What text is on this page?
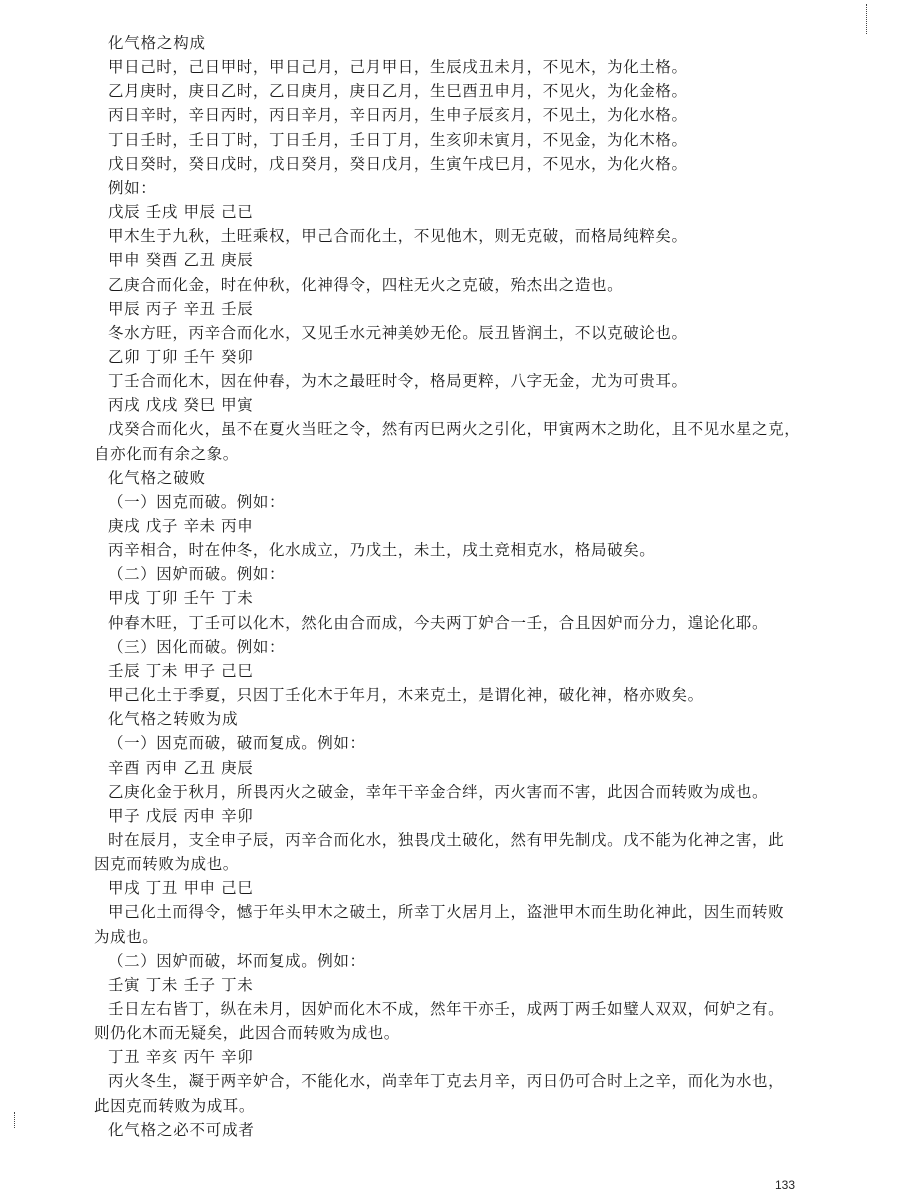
化气格之构成
甲日己时，己日甲时，甲日己月，己月甲日，生辰戌丑未月，不见木，为化土格。
乙月庚时，庚日乙时，乙日庚月，庚日乙月，生巳酉丑申月，不见火，为化金格。
丙日辛时，辛日丙时，丙日辛月，辛日丙月，生申子辰亥月，不见土，为化水格。
丁日壬时，壬日丁时，丁日壬月，壬日丁月，生亥卯未寅月，不见金，为化木格。
戊日癸时，癸日戊时，戊日癸月，癸日戊月，生寅午戌巳月，不见水，为化火格。
例如：
戊辰 壬戌 甲辰 己已
甲木生于九秋，土旺乘权，甲己合而化土，不见他木，则无克破，而格局纯粹矣。
甲申 癸酉 乙丑 庚辰
乙庚合而化金，时在仲秋，化神得令，四柱无火之克破，殆杰出之造也。
甲辰 丙子 辛丑 壬辰
冬水方旺，丙辛合而化水，又见壬水元神美妙无伦。辰丑皆润土，不以克破论也。
乙卯 丁卯 壬午 癸卯
丁壬合而化木，因在仲春，为木之最旺时令，格局更粹，八字无金，尤为可贵耳。
丙戌 戊戌 癸巳 甲寅
戊癸合而化火，虽不在夏火当旺之令，然有丙巳两火之引化，甲寅两木之助化，且不见水星之克，
自亦化而有余之象。
化气格之破败
（一）因克而破。例如：
庚戌 戊子 辛未 丙申
丙辛相合，时在仲冬，化水成立，乃戊土，未土，戌土竞相克水，格局破矣。
（二）因妒而破。例如：
甲戌 丁卯 壬午 丁未
仲春木旺，丁壬可以化木，然化由合而成，今夫两丁妒合一壬，合且因妒而分力，遑论化耶。
（三）因化而破。例如：
壬辰 丁未 甲子 己巳
甲己化土于季夏，只因丁壬化木于年月，木来克土，是谓化神，破化神，格亦败矣。
化气格之转败为成
（一）因克而破，破而复成。例如：
辛酉 丙申 乙丑 庚辰
乙庚化金于秋月，所畏丙火之破金，幸年干辛金合绊，丙火害而不害，此因合而转败为成也。
甲子 戊辰 丙申 辛卯
时在辰月，支全申子辰，丙辛合而化水，独畏戊土破化，然有甲先制戊。戊不能为化神之害，此
因克而转败为成也。
甲戌 丁丑 甲申 己巳
甲己化土而得令，憾于年头甲木之破土，所幸丁火居月上，盗泄甲木而生助化神此，因生而转败
为成也。
（二）因妒而破，坏而复成。例如：
壬寅 丁未 壬子 丁未
壬日左右皆丁，纵在未月，因妒而化木不成，然年干亦壬，成两丁两壬如璧人双双，何妒之有。
则仍化木而无疑矣，此因合而转败为成也。
丁丑 辛亥 丙午 辛卯
丙火冬生，凝于两辛妒合，不能化水，尚幸年丁克去月辛，丙日仍可合时上之辛，而化为水也，
此因克而转败为成耳。
化气格之必不可成者
133
